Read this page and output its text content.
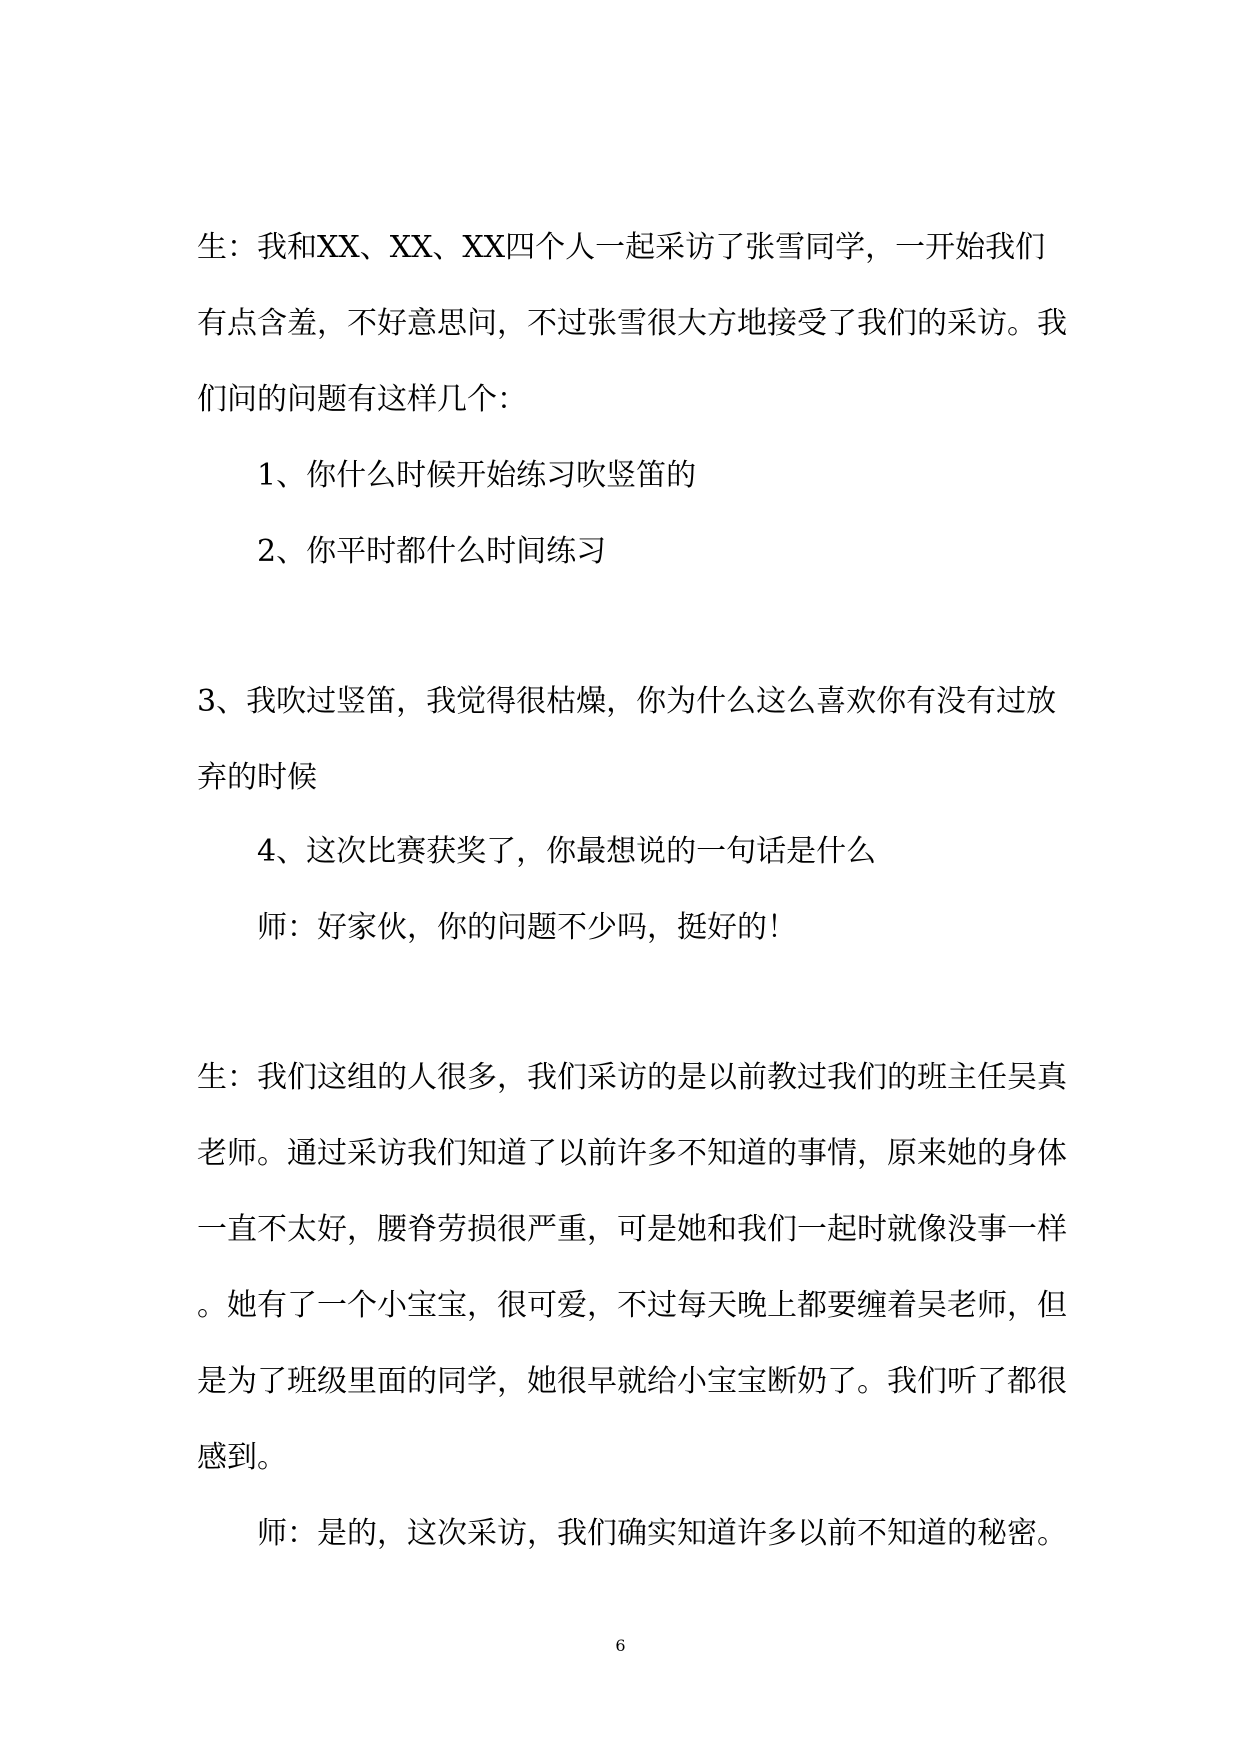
生：我和XX、XX、XX四个人一起采访了张雪同学，一开始我们

有点含羞，不好意思问，不过张雪很大方地接受了我们的采访。我

们问的问题有这样几个：

1、你什么时候开始练习吹竖笛的

2、你平时都什么时间练习

3、我吹过竖笛，我觉得很枯燥，你为什么这么喜欢你有没有过放

弃的时候

4、这次比赛获奖了，你最想说的一句话是什么

师：好家伙，你的问题不少吗，挺好的！

生：我们这组的人很多，我们采访的是以前教过我们的班主任吴真

老师。通过采访我们知道了以前许多不知道的事情，原来她的身体

一直不太好，腰脊劳损很严重，可是她和我们一起时就像没事一样

。她有了一个小宝宝，很可爱，不过每天晚上都要缠着吴老师，但

是为了班级里面的同学，她很早就给小宝宝断奶了。我们听了都很

感到。

师：是的，这次采访，我们确实知道许多以前不知道的秘密。

6
